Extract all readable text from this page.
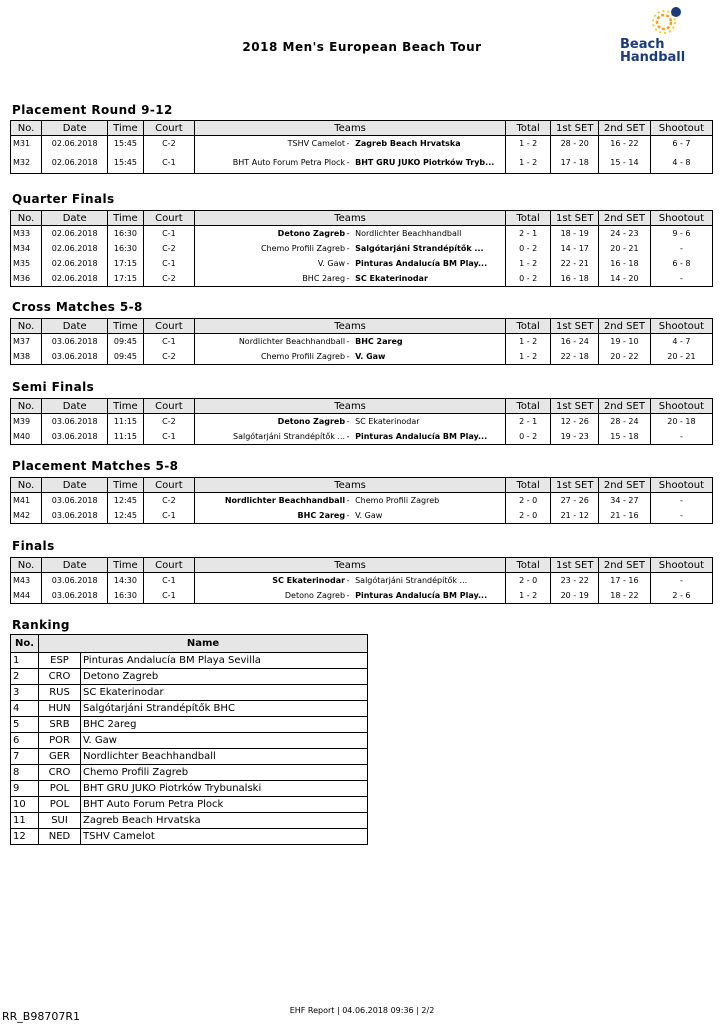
2018 Men's European Beach Tour	Beach
Handball
Placement Round 9-12
No.	Date	Time	Court	Teams	Total	1st SET	2nd SET	Shootout
M31	02.06.2018	15:45	C-2	TSHV Camelot - Zagreb Beach Hrvatska	1 - 2	28 - 20	16 - 22	6 - 7
M32	02.06.2018	15:45	C-1	BHT Auto Forum Petra Plock - BHT GRU JUKO Piotrków Tryb...	1 - 2	17 - 18	15 - 14	4 - 8
Quarter Finals
No.	Date	Time	Court	Teams	Total	1st SET	2nd SET	Shootout
M33	02.06.2018	16:30	C-1	Detono Zagreb - Nordlichter Beachhandball	2 - 1	18 - 19	24 - 23	9 - 6
M34	02.06.2018	16:30	C-2	Chemo Profili Zagreb - Salgótarjáni Strandépítők ...	0 - 2	14 - 17	20 - 21	-
M35	02.06.2018	17:15	C-1	V. Gaw - Pinturas Andalucía BM Play...	1 - 2	22 - 21	16 - 18	6 - 8
M36	02.06.2018	17:15	C-2	BHC 2areg - SC Ekaterinodar	0 - 2	16 - 18	14 - 20	-
Cross Matches 5-8
No.	Date	Time	Court	Teams	Total	1st SET	2nd SET	Shootout
M37	03.06.2018	09:45	C-1	Nordlichter Beachhandball - BHC 2areg	1 - 2	16 - 24	19 - 10	4 - 7
M38	03.06.2018	09:45	C-2	Chemo Profili Zagreb - V. Gaw	1 - 2	22 - 18	20 - 22	20 - 21
Semi Finals
No.	Date	Time	Court	Teams	Total	1st SET	2nd SET	Shootout
M39	03.06.2018	11:15	C-2	Detono Zagreb - SC Ekaterinodar	2 - 1	12 - 26	28 - 24	20 - 18
M40	03.06.2018	11:15	C-1	Salgótarjáni Strandépítők ... - Pinturas Andalucía BM Play...	0 - 2	19 - 23	15 - 18	-
Placement Matches 5-8
No.	Date	Time	Court	Teams	Total	1st SET	2nd SET	Shootout
M41	03.06.2018	12:45	C-2	Nordlichter Beachhandball - Chemo Profili Zagreb	2 - 0	27 - 26	34 - 27	-
M42	03.06.2018	12:45	C-1	BHC 2areg - V. Gaw	2 - 0	21 - 12	21 - 16	-
Finals
No.	Date	Time	Court	Teams	Total	1st SET	2nd SET	Shootout
M43	03.06.2018	14:30	C-1	SC Ekaterinodar - Salgótarjáni Strandépítők ...	2 - 0	23 - 22	17 - 16	-
M44	03.06.2018	16:30	C-1	Detono Zagreb - Pinturas Andalucía BM Play...	1 - 2	20 - 19	18 - 22	2 - 6
Ranking
No.	Name	
1	ESP	Pinturas Andalucía BM Playa Sevilla
2	CRO	Detono Zagreb
3	RUS	SC Ekaterinodar
4	HUN	Salgótarjáni Strandépítők BHC
5	SRB	BHC 2areg
6	POR	V. Gaw
7	GER	Nordlichter Beachhandball
8	CRO	Chemo Profili Zagreb
9	POL	BHT GRU JUKO Piotrków Trybunalski
10	POL	BHT Auto Forum Petra Plock
11	SUI	Zagreb Beach Hrvatska
12	NED	TSHV Camelot
EHF Report | 04.06.2018 09:36 | 2/2
RR_B98707R1
